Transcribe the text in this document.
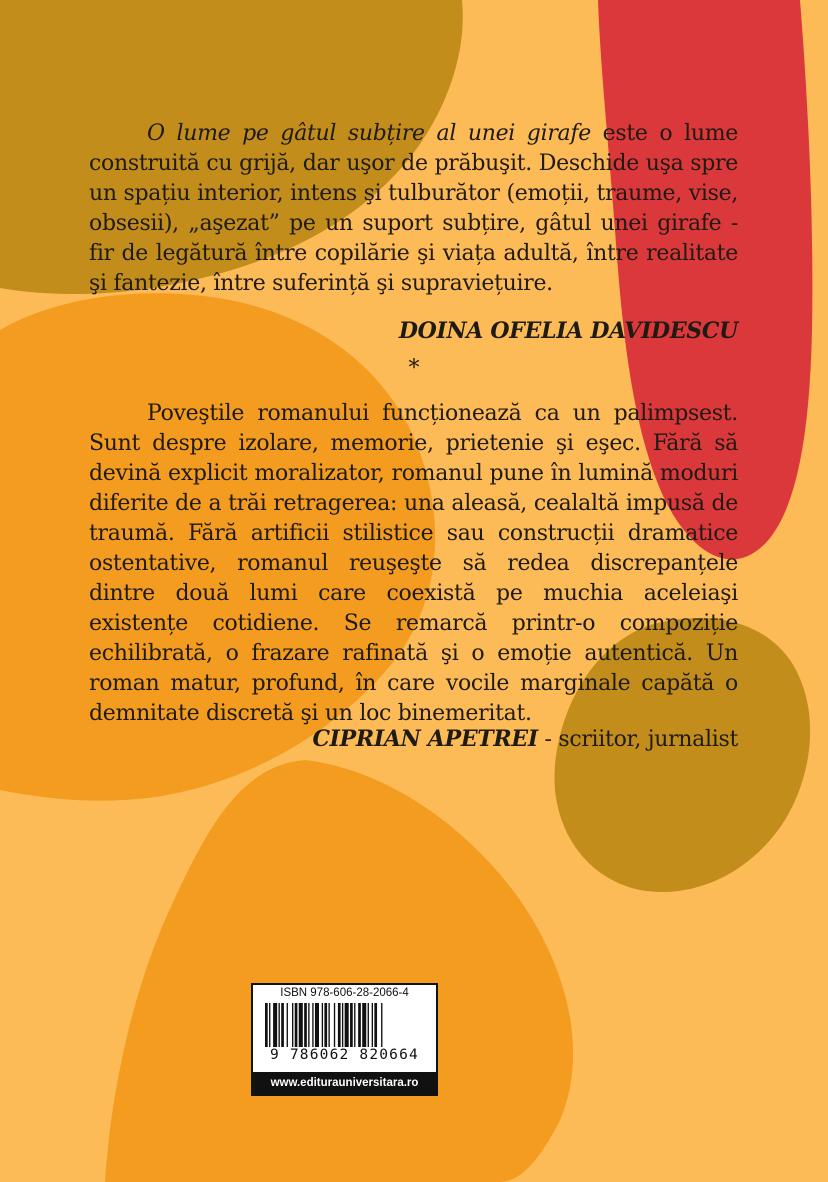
O lume pe gâtul subțire al unei girafe este o lume construită cu grijă, dar uşor de prăbuşit. Deschide uşa spre un spațiu interior, intens şi tulburător (emoții, traume, vise, obsesii), „aşezat” pe un suport subțire, gâtul unei girafe - fir de legătură între copilărie şi viața adultă, între realitate şi fantezie, între suferință şi supraviețuire.

DOINA OFELIA DAVIDESCU
*

Poveştile romanului funcționează ca un palimpsest. Sunt despre izolare, memorie, prietenie şi eşec. Fără să devină explicit moralizator, romanul pune în lumină moduri diferite de a trăi retragerea: una aleasă, cealaltă impusă de traumă. Fără artificii stilistice sau construcții dramatice ostentative, romanul reuşeşte să redea discrepanțele dintre două lumi care coexistă pe muchia aceleiaşi existențe cotidiene. Se remarcă printr-o compoziție echilibrată, o frazare rafinată şi o emoție autentică. Un roman matur, profund, în care vocile marginale capătă o demnitate discretă şi un loc binemeritat.

CIPRIAN APETREI - scriitor, jurnalist
ISBN 978-606-28-2066-4
9 786062 820664
www.editurauniversitara.ro
